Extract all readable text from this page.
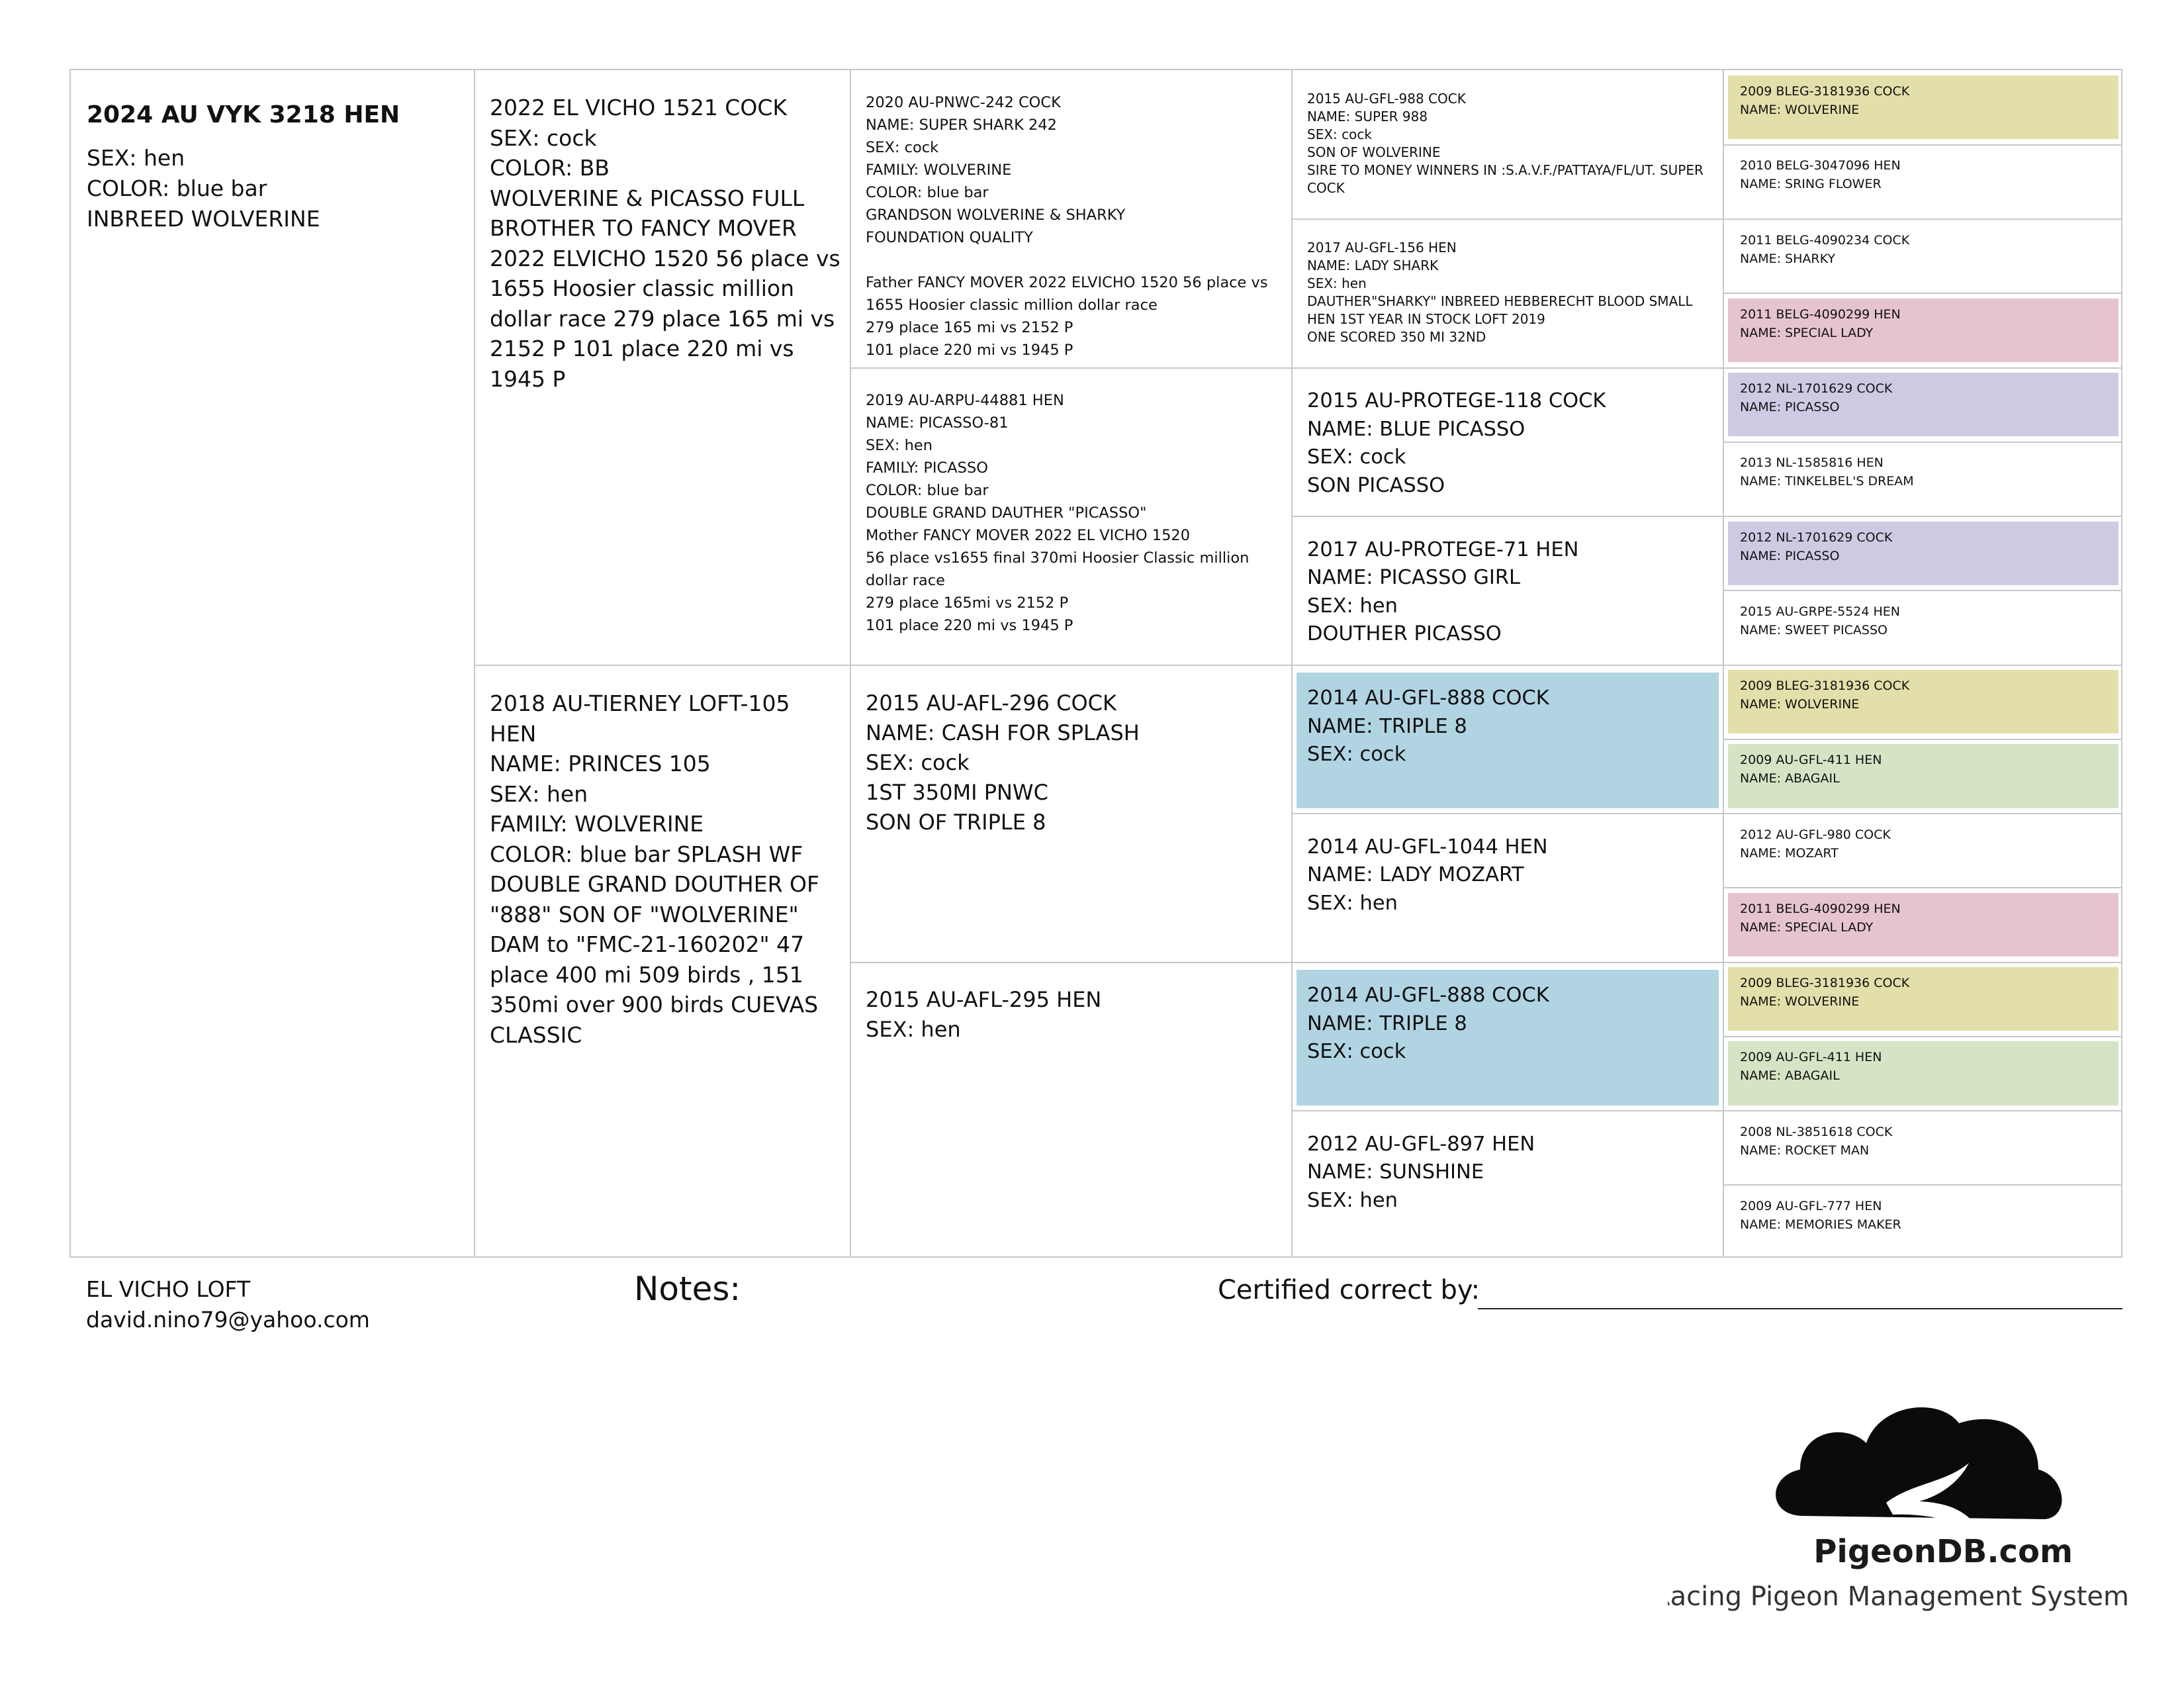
2024 AU VYK 3218 HEN

SEX: hen
COLOR: blue bar
INBREED WOLVERINE

2022 EL VICHO 1521 COCK
SEX: cock
COLOR: BB
WOLVERINE & PICASSO FULL BROTHER TO FANCY MOVER 2022 ELVICHO 1520 56 place vs 1655 Hoosier classic million dollar race 279 place 165 mi vs 2152 P 101 place 220 mi vs 1945 P
2018 AU-TIERNEY LOFT-105 HEN
NAME: PRINCES 105
SEX: hen
FAMILY: WOLVERINE
COLOR: blue bar SPLASH WF DOUBLE GRAND DOUTHER OF "888" SON OF "WOLVERINE" DAM to "FMC-21-160202" 47 place 400 mi 509 birds , 151 350mi over 900 birds CUEVAS CLASSIC
2020 AU-PNWC-242 COCK
NAME: SUPER SHARK 242
SEX: cock
FAMILY: WOLVERINE
COLOR: blue bar
GRANDSON WOLVERINE & SHARKY
FOUNDATION QUALITY

Father FANCY MOVER 2022 ELVICHO 1520 56 place vs 1655 Hoosier classic million dollar race
279 place 165 mi vs 2152 P
101 place 220 mi vs 1945 P
2019 AU-ARPU-44881 HEN
NAME: PICASSO-81
SEX: hen
FAMILY: PICASSO
COLOR: blue bar
DOUBLE GRAND DAUTHER "PICASSO"
Mother FANCY MOVER 2022 EL VICHO 1520
56 place vs1655 final 370mi Hoosier Classic million dollar race
279 place 165mi vs 2152 P
101 place 220 mi vs 1945 P
2015 AU-AFL-296 COCK
NAME: CASH FOR SPLASH
SEX: cock
1ST 350MI PNWC
SON OF TRIPLE 8
2015 AU-AFL-295 HEN
SEX: hen
2015 AU-GFL-988 COCK
NAME: SUPER 988
SEX: cock
SON OF WOLVERINE
SIRE TO MONEY WINNERS IN :S.A.V.F./PATTAYA/FL/UT. SUPER COCK
2017 AU-GFL-156 HEN
NAME: LADY SHARK
SEX: hen
DAUTHER"SHARKY" INBREED HEBBERECHT BLOOD SMALL HEN 1ST YEAR IN STOCK LOFT 2019
ONE SCORED 350 MI 32ND
2015 AU-PROTEGE-118 COCK
NAME: BLUE PICASSO
SEX: cock
SON PICASSO
2017 AU-PROTEGE-71 HEN
NAME: PICASSO GIRL
SEX: hen
DOUTHER PICASSO
2014 AU-GFL-888 COCK
NAME: TRIPLE 8
SEX: cock
2014 AU-GFL-1044 HEN
NAME: LADY MOZART
SEX: hen
2014 AU-GFL-888 COCK
NAME: TRIPLE 8
SEX: cock
2012 AU-GFL-897 HEN
NAME: SUNSHINE
SEX: hen
2009 BLEG-3181936 COCK
NAME: WOLVERINE
2010 BELG-3047096 HEN
NAME: SRING FLOWER
2011 BELG-4090234 COCK
NAME: SHARKY
2011 BELG-4090299 HEN
NAME: SPECIAL LADY
2012 NL-1701629 COCK
NAME: PICASSO
2013 NL-1585816 HEN
NAME: TINKELBEL'S DREAM
2012 NL-1701629 COCK
NAME: PICASSO
2015 AU-GRPE-5524 HEN
NAME: SWEET PICASSO
2009 BLEG-3181936 COCK
NAME: WOLVERINE
2009 AU-GFL-411 HEN
NAME: ABAGAIL
2012 AU-GFL-980 COCK
NAME: MOZART
2011 BELG-4090299 HEN
NAME: SPECIAL LADY
2009 BLEG-3181936 COCK
NAME: WOLVERINE
2009 AU-GFL-411 HEN
NAME: ABAGAIL
2008 NL-3851618 COCK
NAME: ROCKET MAN
2009 AU-GFL-777 HEN
NAME: MEMORIES MAKER
EL VICHO LOFT
david.nino79@yahoo.com
Notes:	Certified correct by:
PigeonDB.com
Racing Pigeon Management System
